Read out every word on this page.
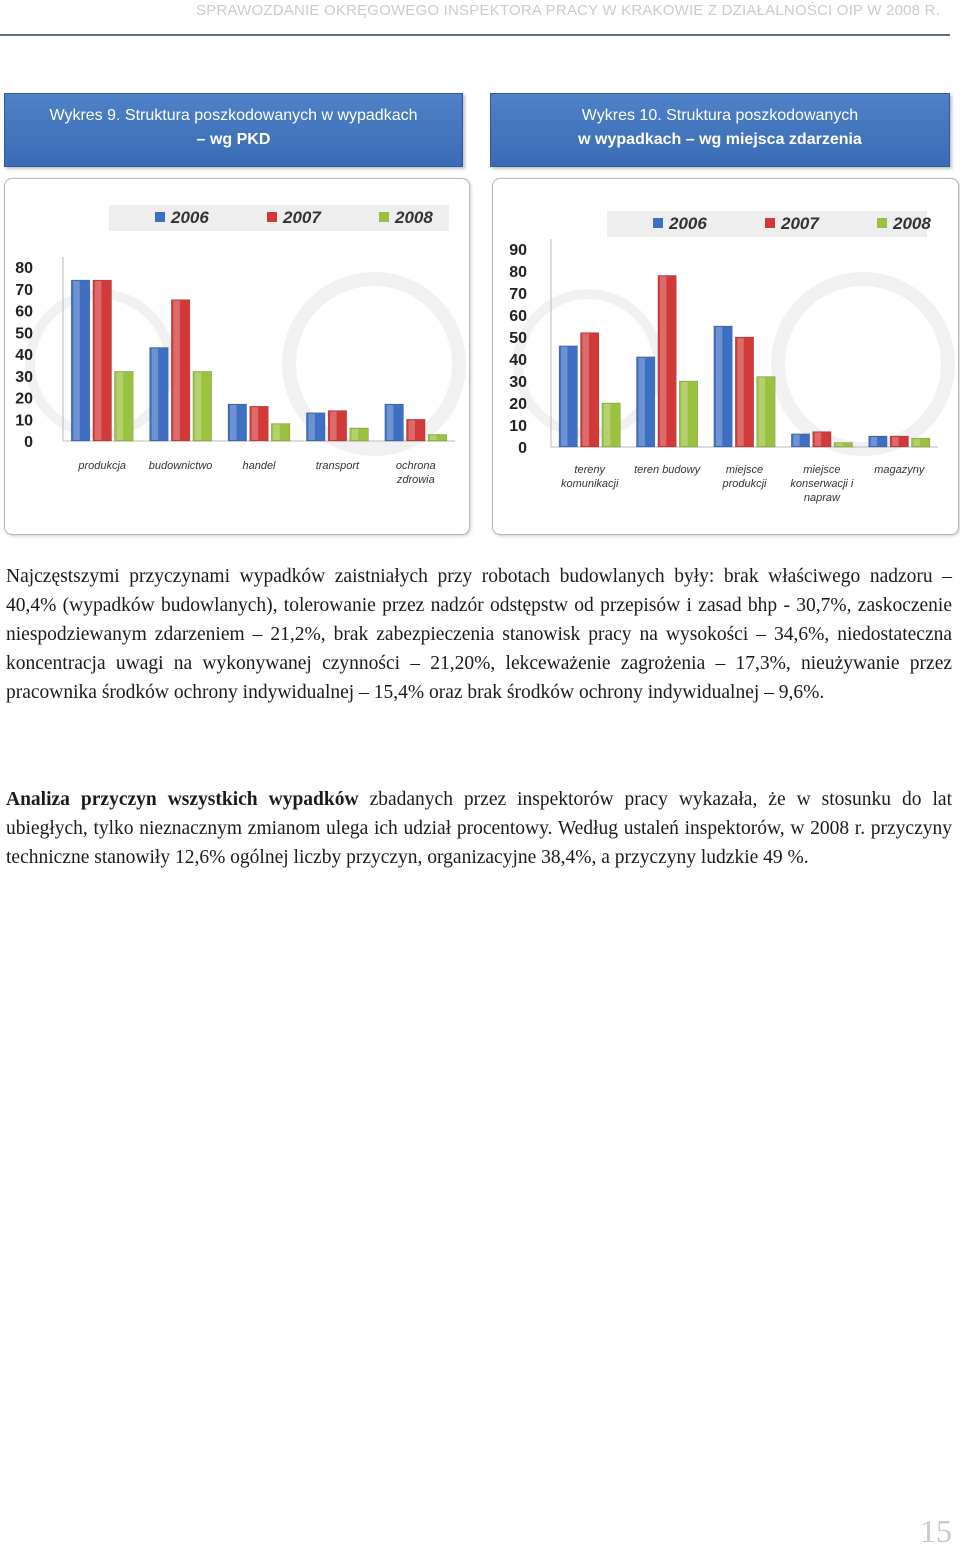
SPRAWOZDANIE OKRĘGOWEGO INSPEKTORA PRACY W KRAKOWIE Z DZIAŁALNOŚCI OIP W 2008 R.
Wykres 9. Struktura poszkodowanych w wypadkach
– wg PKD
Wykres 10. Struktura poszkodowanych
w wypadkach – wg miejsca zdarzenia
2006	2007	2008
0
10
20
30
40
50
60
70
80
produkcja budownictwo	handel	transport	ochrona zdrowia
2006	2007	2008
0
10
20
30
40
50
60
70
80
90
tereny komunikacji
teren budowy	miejsce produkcji
miejsce konserwacji i napraw
magazyny

Najczęstszymi przyczynami wypadków zaistniałych przy robotach budowlanych były: brak właściwego nadzoru – 40,4% (wypadków budowlanych), tolerowanie przez nadzór odstępstw od przepisów i zasad bhp - 30,7%, zaskoczenie niespodziewanym zdarzeniem – 21,2%, brak zabezpieczenia stanowisk pracy na wysokości – 34,6%, niedostateczna koncentracja uwagi na wykonywanej czynności – 21,20%, lekceważenie zagrożenia – 17,3%, nieużywanie przez pracownika środków ochrony indywidualnej – 15,4% oraz brak środków ochrony indywidualnej – 9,6%.

Analiza przyczyn wszystkich wypadków zbadanych przez inspektorów pracy wykazała, że w stosunku do lat ubiegłych, tylko nieznacznym zmianom ulega ich udział procentowy. Według ustaleń inspektorów, w 2008 r. przyczyny techniczne stanowiły 12,6% ogólnej liczby przyczyn, organizacyjne 38,4%, a przyczyny ludzkie 49 %.

15
